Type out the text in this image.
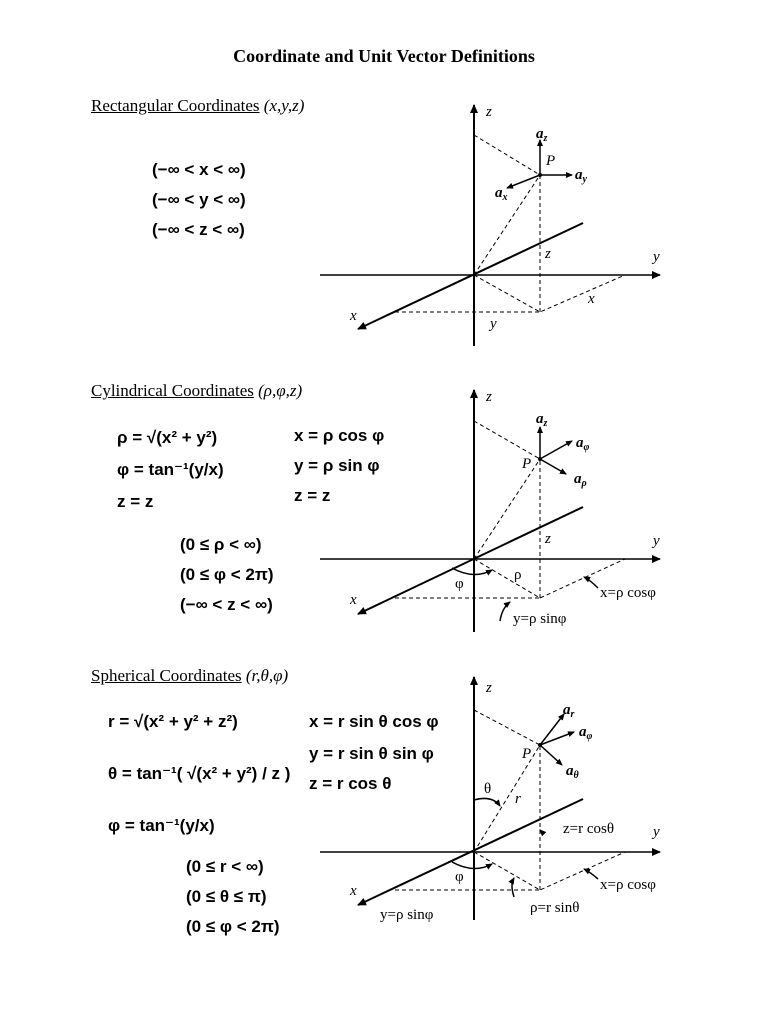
Coordinate and Unit Vector Definitions
Rectangular Coordinates (x,y,z)
(−∞ < x < ∞)
(−∞ < y < ∞)
(−∞ < z < ∞)
Cylindrical Coordinates (ρ,φ,z)
ρ = √(x² + y²)
φ = tan⁻¹(y/x)
z = z
x = ρ cos φ
y = ρ sin φ
z = z
(0 ≤ ρ < ∞)
(0 ≤ φ < 2π)
(−∞ < z < ∞)
Spherical Coordinates (r,θ,φ)
r = √(x² + y² + z²)
θ = tan⁻¹( √(x² + y²) / z )
φ = tan⁻¹(y/x)
x = r sin θ cos φ
y = r sin θ sin φ
z = r cos θ
(0 ≤ r < ∞)
(0 ≤ θ ≤ π)
(0 ≤ φ < 2π)
z
y
x
P
$a_z$
$a_y$
$a_x$
z
x
y
z
y
x
P
$a_z$
$a_\varphi$
$a_\rho$
z
φ
ρ
x=ρ cosφ
y=ρ sinφ
z
y
x
P
$a_r$
$a_\varphi$
$a_\theta$
θ
r
φ
z=r cosθ
x=ρ cosφ
y=ρ sinφ	ρ=r sinθ
